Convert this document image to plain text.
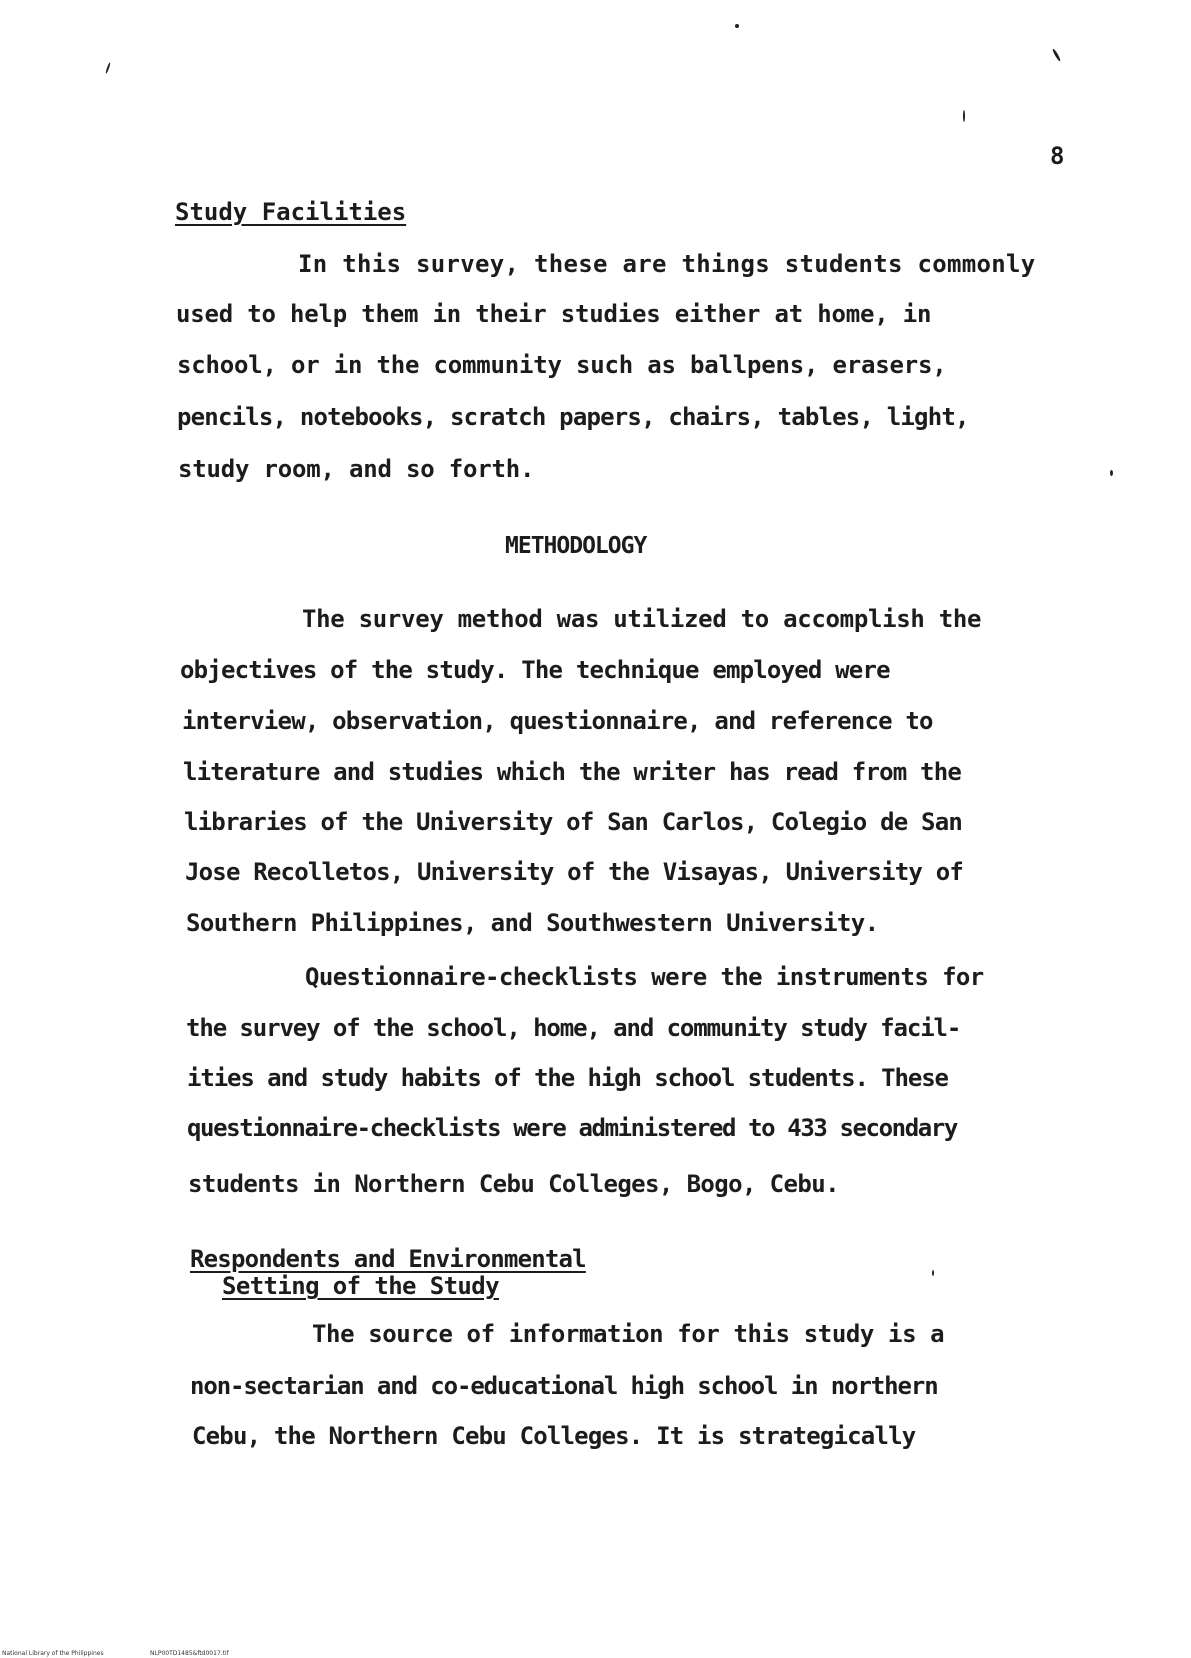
8
Study Facilities
In this survey, these are things students commonly
used to help them in their studies either at home, in
school, or in the community such as ballpens, erasers,
pencils, notebooks, scratch papers, chairs, tables, light,
study room, and so forth.
METHODOLOGY
The survey method was utilized to accomplish the
objectives of the study. The technique employed were
interview, observation, questionnaire, and reference to
literature and studies which the writer has read from the
libraries of the University of San Carlos, Colegio de San
Jose Recolletos, University of the Visayas, University of
Southern Philippines, and Southwestern University.
Questionnaire-checklists were the instruments for
the survey of the school, home, and community study facil-
ities and study habits of the high school students. These
questionnaire-checklists were administered to 433 secondary
students in Northern Cebu Colleges, Bogo, Cebu.
Respondents and Environmental
Setting of the Study
The source of information for this study is a
non-sectarian and co-educational high school in northern
Cebu, the Northern Cebu Colleges. It is strategically
National Library of the Philippines	NLP00TD1485&ftd0017.tif
